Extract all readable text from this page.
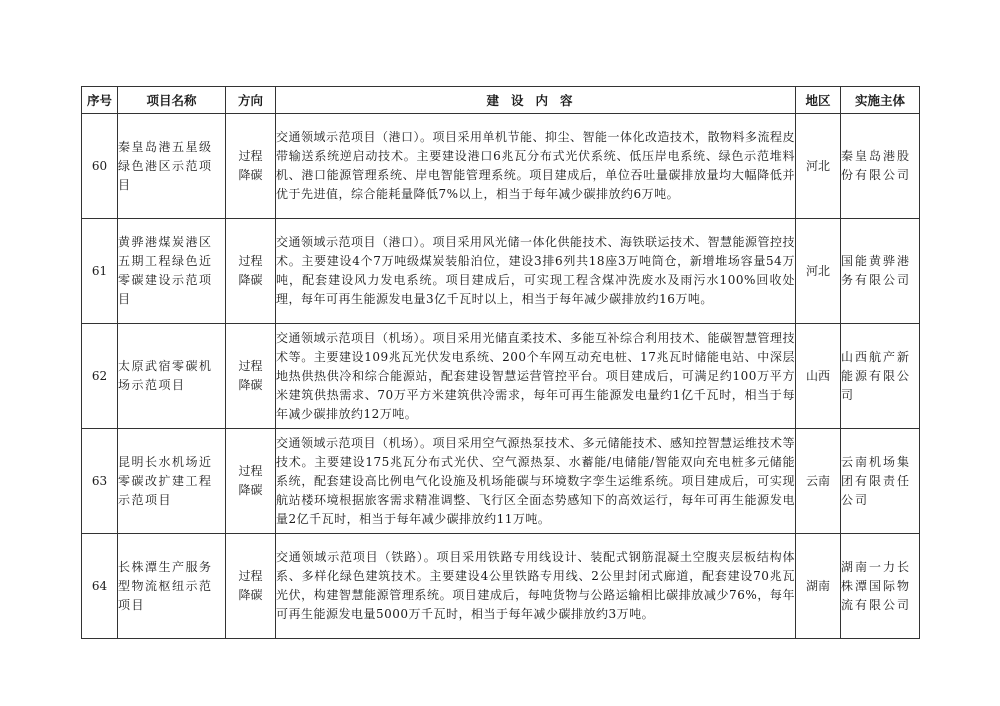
序号	项目名称	方向	建设内容	地区	实施主体
60	秦皇岛港五星级绿色港区示范项目	过程降碳	交通领域示范项目（港口）。项目采用单机节能、抑尘、智能一体化改造技术，散物料多流程皮带输送系统逆启动技术。主要建设港口6兆瓦分布式光伏系统、低压岸电系统、绿色示范堆料机、港口能源管理系统、岸电智能管理系统。项目建成后，单位吞吐量碳排放量均大幅降低并优于先进值，综合能耗量降低7%以上，相当于每年减少碳排放约6万吨。	河北	秦皇岛港股份有限公司
61	黄骅港煤炭港区五期工程绿色近零碳建设示范项目	过程降碳	交通领域示范项目（港口）。项目采用风光储一体化供能技术、海铁联运技术、智慧能源管控技术。主要建设4个7万吨级煤炭装船泊位，建设3排6列共18座3万吨筒仓，新增堆场容量54万吨，配套建设风力发电系统。项目建成后，可实现工程含煤冲洗废水及雨污水100%回收处理，每年可再生能源发电量3亿千瓦时以上，相当于每年减少碳排放约16万吨。	河北	国能黄骅港务有限公司
62	太原武宿零碳机场示范项目	过程降碳	交通领域示范项目（机场）。项目采用光储直柔技术、多能互补综合利用技术、能碳智慧管理技术等。主要建设109兆瓦光伏发电系统、200个车网互动充电桩、17兆瓦时储能电站、中深层地热供热供冷和综合能源站，配套建设智慧运营管控平台。项目建成后，可满足约100万平方米建筑供热需求、70万平方米建筑供冷需求，每年可再生能源发电量约1亿千瓦时，相当于每年减少碳排放约12万吨。	山西	山西航产新能源有限公司
63	昆明长水机场近零碳改扩建工程示范项目	过程降碳	交通领域示范项目（机场）。项目采用空气源热泵技术、多元储能技术、感知控智慧运维技术等技术。主要建设175兆瓦分布式光伏、空气源热泵、水蓄能/电储能/智能双向充电桩多元储能系统，配套建设高比例电气化设施及机场能碳与环境数字孪生运维系统。项目建成后，可实现航站楼环境根据旅客需求精准调整、飞行区全面态势感知下的高效运行，每年可再生能源发电量2亿千瓦时，相当于每年减少碳排放约11万吨。	云南	云南机场集团有限责任公司
64	长株潭生产服务型物流枢纽示范项目	过程降碳	交通领域示范项目（铁路）。项目采用铁路专用线设计、装配式钢筋混凝土空腹夹层板结构体系、多样化绿色建筑技术。主要建设4公里铁路专用线、2公里封闭式廊道，配套建设70兆瓦光伏，构建智慧能源管理系统。项目建成后，每吨货物与公路运输相比碳排放减少76%，每年可再生能源发电量5000万千瓦时，相当于每年减少碳排放约3万吨。	湖南	湖南一力长株潭国际物流有限公司
